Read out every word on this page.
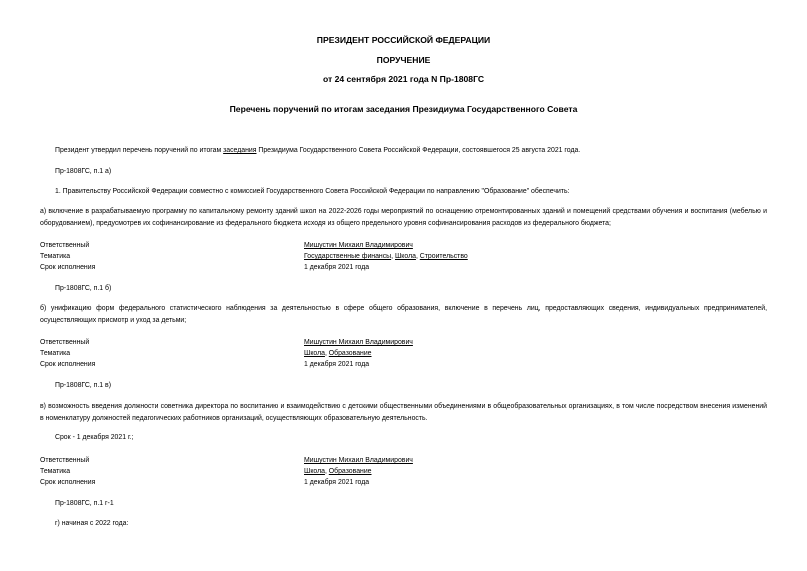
ПРЕЗИДЕНТ РОССИЙСКОЙ ФЕДЕРАЦИИ
ПОРУЧЕНИЕ
от 24 сентября 2021 года N Пр-1808ГС
Перечень поручений по итогам заседания Президиума Государственного Совета
Президент утвердил перечень поручений по итогам заседания Президиума Государственного Совета Российской Федерации, состоявшегося 25 августа 2021 года.
Пр-1808ГС, п.1 а)
1. Правительству Российской Федерации совместно с комиссией Государственного Совета Российской Федерации по направлению "Образование" обеспечить:
а) включение в разрабатываемую программу по капитальному ремонту зданий школ на 2022-2026 годы мероприятий по оснащению отремонтированных зданий и помещений средствами обучения и воспитания (мебелью и оборудованием), предусмотрев их софинансирование из федерального бюджета исходя из общего предельного уровня софинансирования расходов из федерального бюджета;
Ответственный	Мишустин Михаил Владимирович
Тематика	Государственные финансы, Школа, Строительство
Срок исполнения	1 декабря 2021 года
Пр-1808ГС, п.1 б)
б) унификацию форм федерального статистического наблюдения за деятельностью в сфере общего образования, включение в перечень лиц, предоставляющих сведения, индивидуальных предпринимателей, осуществляющих присмотр и уход за детьми;
Ответственный	Мишустин Михаил Владимирович
Тематика	Школа, Образование
Срок исполнения	1 декабря 2021 года
Пр-1808ГС, п.1 в)
в) возможность введения должности советника директора по воспитанию и взаимодействию с детскими общественными объединениями в общеобразовательных организациях, в том числе посредством внесения изменений в номенклатуру должностей педагогических работников организаций, осуществляющих образовательную деятельность.
Срок - 1 декабря 2021 г.;
Ответственный	Мишустин Михаил Владимирович
Тематика	Школа, Образование
Срок исполнения	1 декабря 2021 года
Пр-1808ГС, п.1 г-1
г) начиная с 2022 года:
